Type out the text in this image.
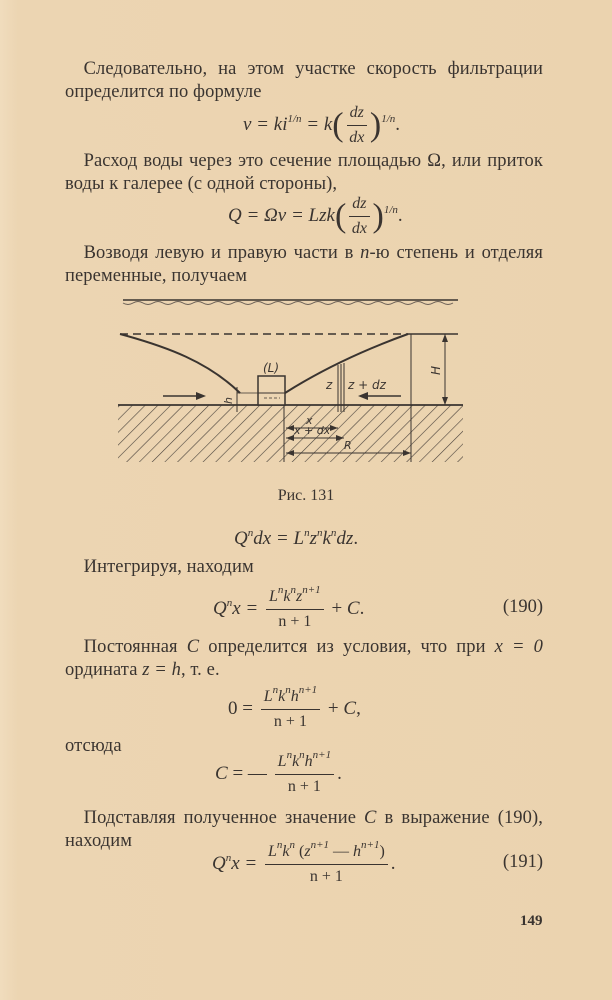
 Следовательно, на этом участке скорость фильтрации определится по формуле
$v = ki^{1/n} = k( \frac{dz}{dx} )^{1/n}$.
 Расход воды через это сечение площадью Ω, или приток воды к галерее (с одной стороны),
$Q = \Omega v = Lzk( \frac{dz}{dx} )^{1/n}$.
 Возводя левую и правую части в n-ю степень и отделяя переменные, получаем
(L)
h
z z + dz
H
x
x + dx
R
Рис. 131
$Q^ndx = L^nz^nk^ndz$.
 Интегрируя, находим
$Q^nx = \frac{L^nk^nz^{n+1}}{n + 1} + C$.	(190)
 Постоянная C определится из условия, что при x = 0 ордината z = h, т. е.
$0 = \frac{L^nk^nh^{n+1}}{n + 1} + C$,
отсюда
C = — $\frac{L^nk^nh^{n+1}}{n + 1}$ .
 Подставляя полученное значение C в выражение (190), находим
$Q^nx = \frac{L^nk^n (z^{n+1} — h^{n+1})}{n + 1}$ .	(191)
149
